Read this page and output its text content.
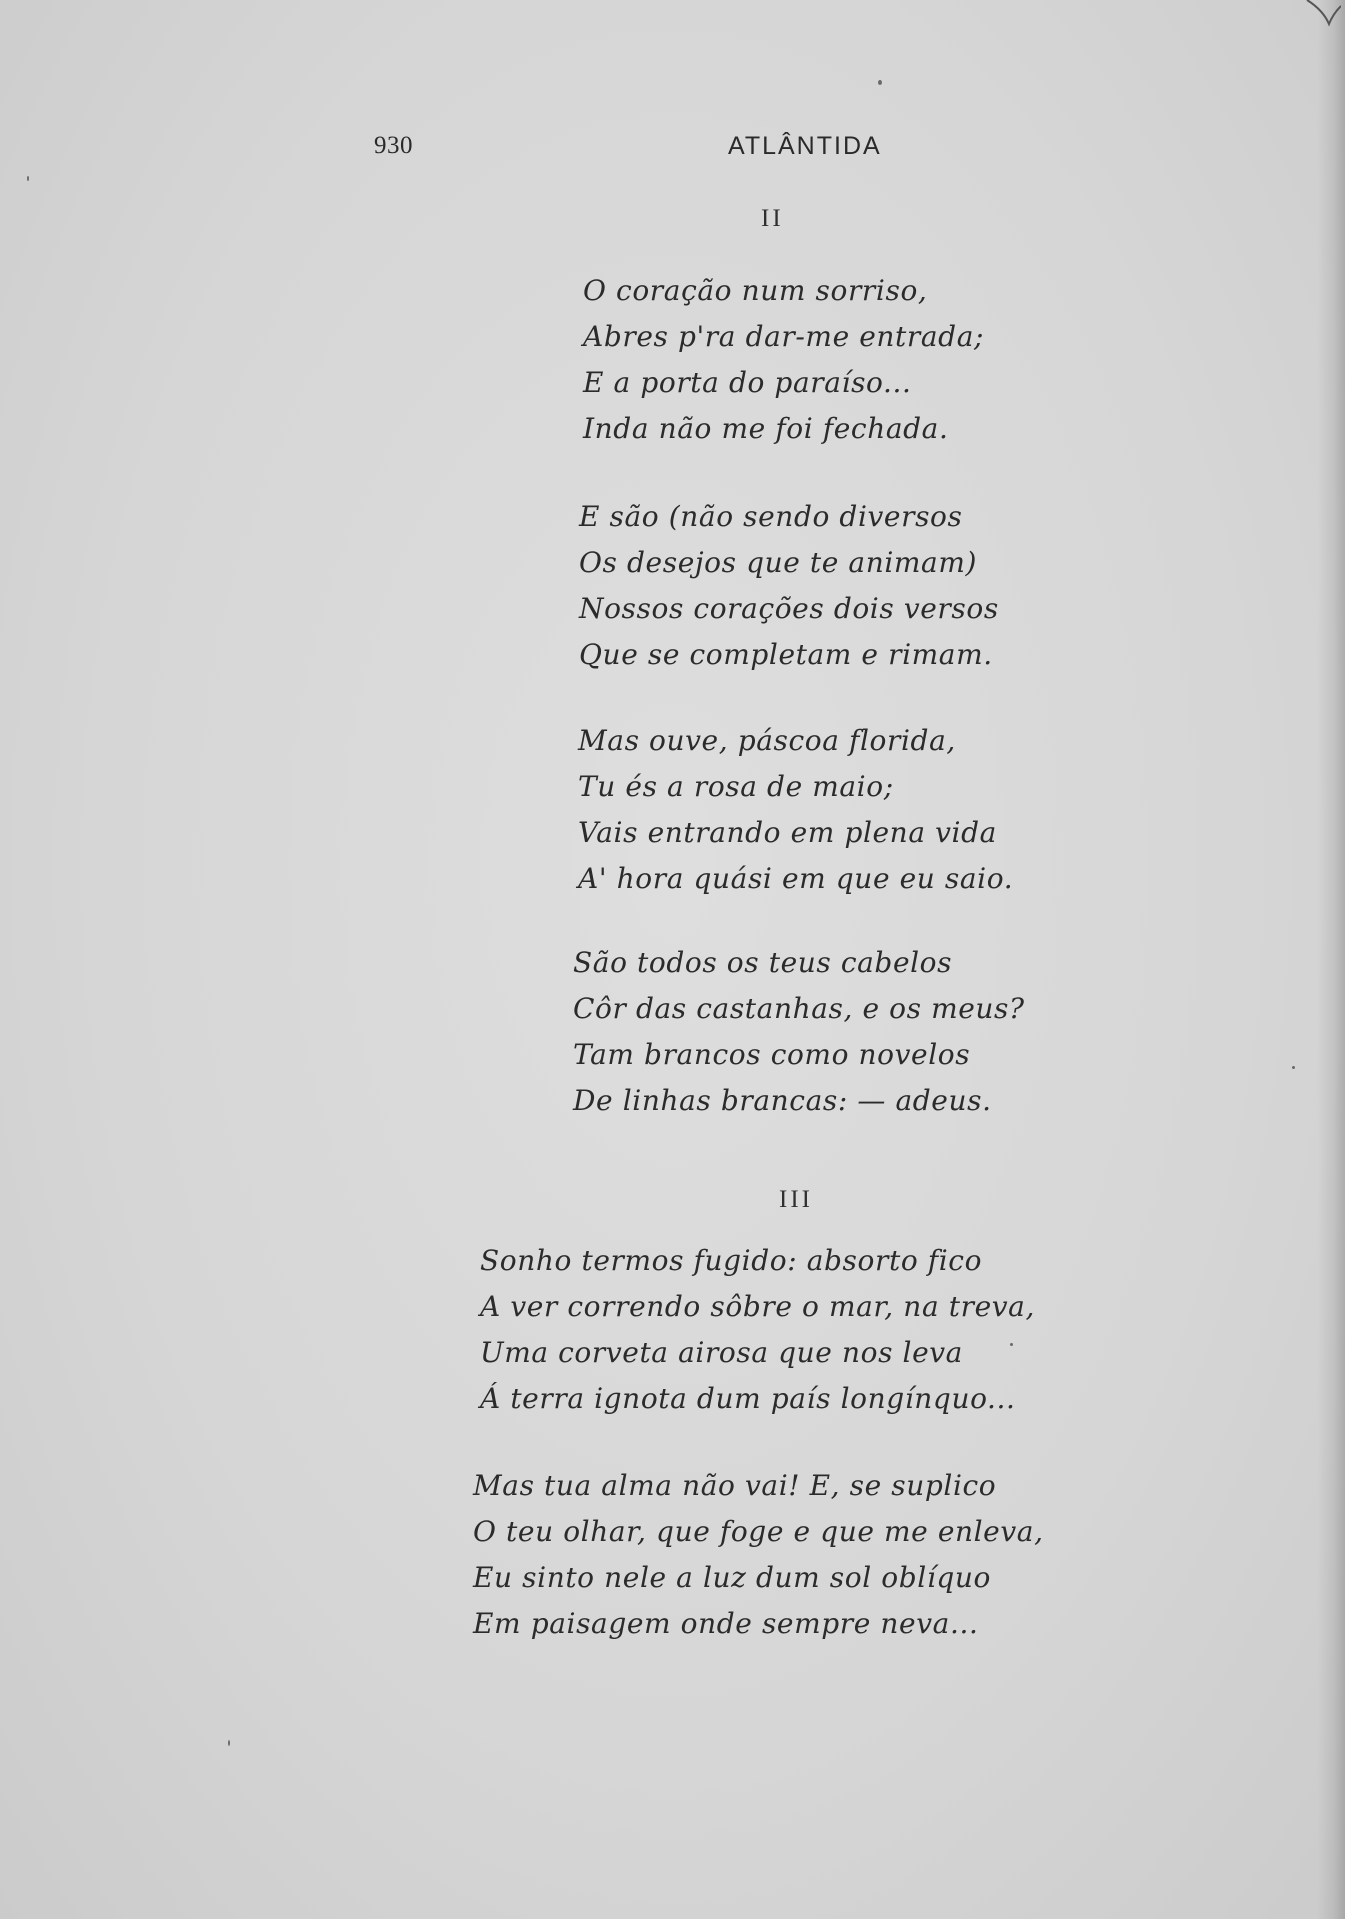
930	ATLÂNTIDA
II
O coração num sorriso,
Abres p'ra dar-me entrada;
E a porta do paraíso...
Inda não me foi fechada.
E são (não sendo diversos
Os desejos que te animam)
Nossos corações dois versos
Que se completam e rimam.
Mas ouve, páscoa florida,
Tu és a rosa de maio;
Vais entrando em plena vida
A' hora quási em que eu saio.
São todos os teus cabelos
Côr das castanhas, e os meus?
Tam brancos como novelos
De linhas brancas: — adeus.
III
Sonho termos fugido: absorto fico
A ver correndo sôbre o mar, na treva,
Uma corveta airosa que nos leva
Á terra ignota dum país longínquo...
Mas tua alma não vai! E, se suplico
O teu olhar, que foge e que me enleva,
Eu sinto nele a luz dum sol oblíquo
Em paisagem onde sempre neva...
